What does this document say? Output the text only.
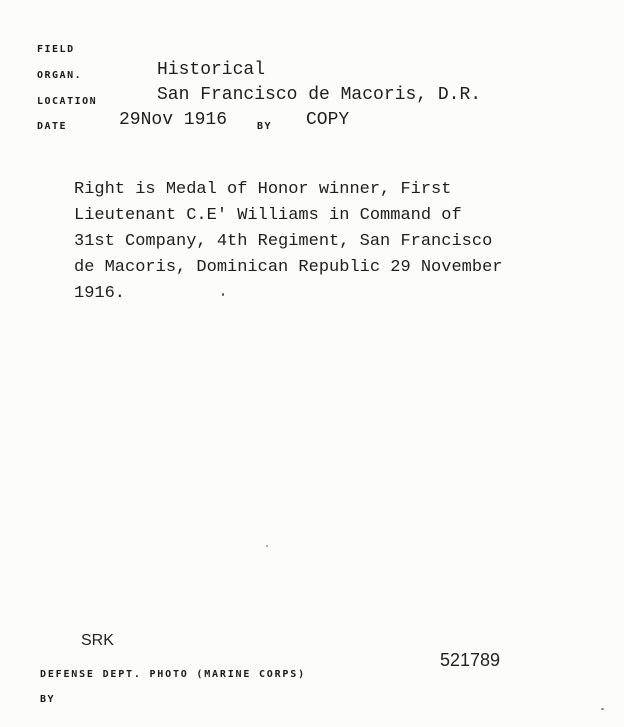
FIELD
ORGAN.	Historical
LOCATION	San Francisco de Macoris, D.R.
DATE	29Nov 1916	BY COPY
Right is Medal of Honor winner, First
Lieutenant C.E' Williams in Command of
31st Company, 4th Regiment, San Francisco
de Macoris, Dominican Republic 29 November
1916.
SRK
DEFENSE DEPT. PHOTO (MARINE CORPS)
521789
BY
